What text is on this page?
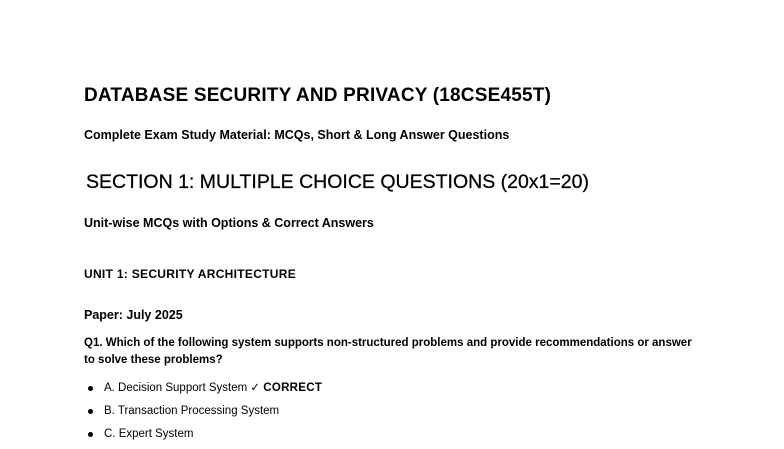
DATABASE SECURITY AND PRIVACY (18CSE455T)
Complete Exam Study Material: MCQs, Short & Long Answer Questions
SECTION 1: MULTIPLE CHOICE QUESTIONS (20x1=20)
Unit-wise MCQs with Options & Correct Answers
UNIT 1: SECURITY ARCHITECTURE
Paper: July 2025
Q1. Which of the following system supports non-structured problems and provide recommendations or answer to solve these problems?
A. Decision Support System ✓ CORRECT
B. Transaction Processing System
C. Expert System
